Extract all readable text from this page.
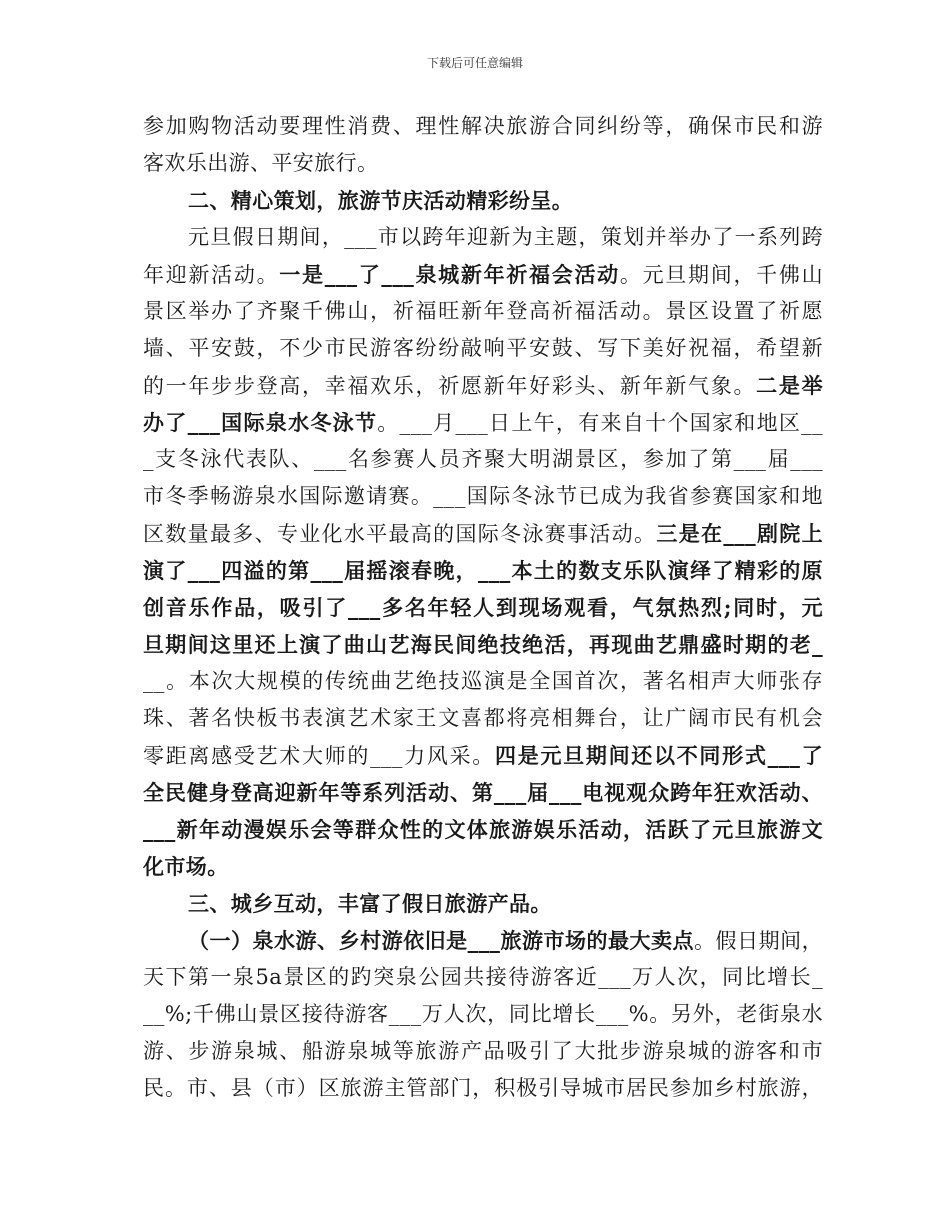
下载后可任意编辑
参加购物活动要理性消费、理性解决旅游合同纠纷等，确保市民和游
客欢乐出游、平安旅行。
二、精心策划，旅游节庆活动精彩纷呈。
元旦假日期间，___市以跨年迎新为主题，策划并举办了一系列跨
年迎新活动。一是___了___泉城新年祈福会活动。元旦期间，千佛山
景区举办了齐聚千佛山，祈福旺新年登高祈福活动。景区设置了祈愿
墙、平安鼓，不少市民游客纷纷敲响平安鼓、写下美好祝福，希望新
的一年步步登高，幸福欢乐，祈愿新年好彩头、新年新气象。二是举
办了___国际泉水冬泳节。___月___日上午，有来自十个国家和地区__
_支冬泳代表队、___名参赛人员齐聚大明湖景区，参加了第___届___
市冬季畅游泉水国际邀请赛。___国际冬泳节已成为我省参赛国家和地
区数量最多、专业化水平最高的国际冬泳赛事活动。三是在___剧院上
演了___四溢的第___届摇滚春晚，___本土的数支乐队演绎了精彩的原
创音乐作品，吸引了___多名年轻人到现场观看，气氛热烈;同时，元
旦期间这里还上演了曲山艺海民间绝技绝活，再现曲艺鼎盛时期的老_
__。本次大规模的传统曲艺绝技巡演是全国首次，著名相声大师张存
珠、著名快板书表演艺术家王文喜都将亮相舞台，让广阔市民有机会
零距离感受艺术大师的___力风采。四是元旦期间还以不同形式___了
全民健身登高迎新年等系列活动、第___届___电视观众跨年狂欢活动、
___新年动漫娱乐会等群众性的文体旅游娱乐活动，活跃了元旦旅游文
化市场。
三、城乡互动，丰富了假日旅游产品。
（一）泉水游、乡村游依旧是___旅游市场的最大卖点。假日期间，
天下第一泉5a景区的趵突泉公园共接待游客近___万人次，同比增长_
__%;千佛山景区接待游客___万人次，同比增长___%。另外，老街泉水
游、步游泉城、船游泉城等旅游产品吸引了大批步游泉城的游客和市
民。市、县（市）区旅游主管部门，积极引导城市居民参加乡村旅游，
